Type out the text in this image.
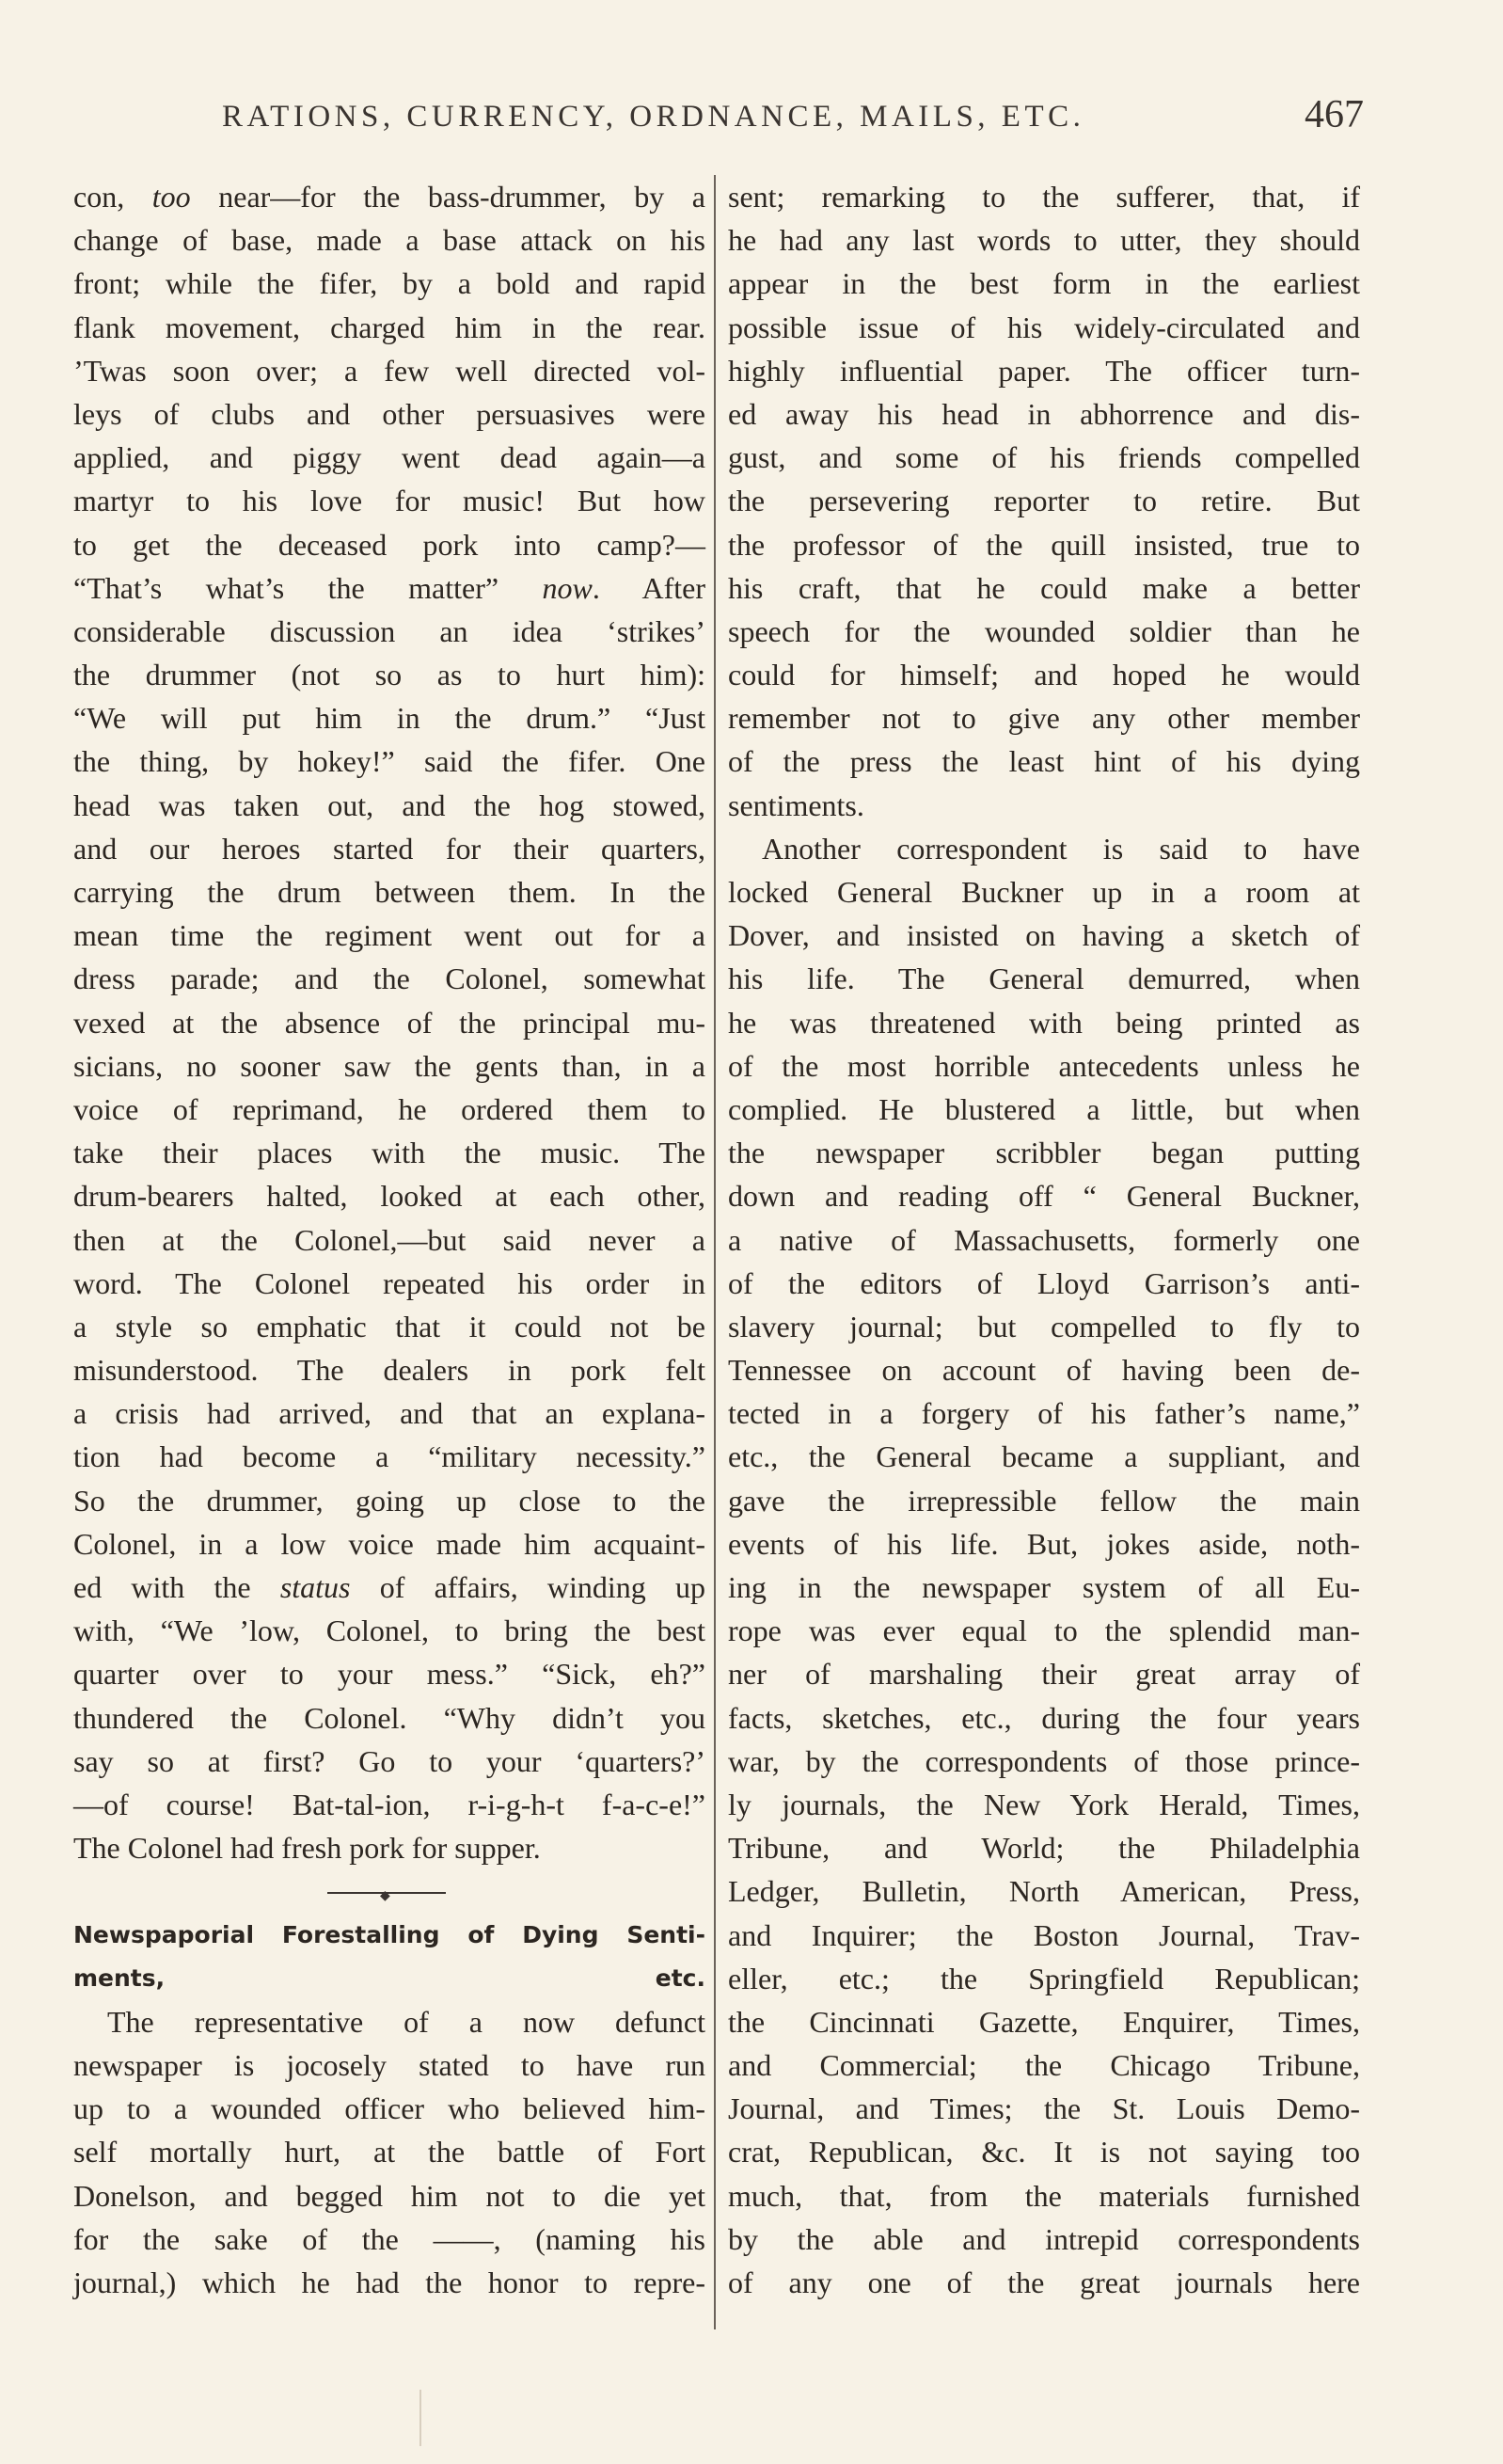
RATIONS, CURRENCY, ORDNANCE, MAILS, ETC.	467
con, too near—for the bass-drummer, by a
change of base, made a base attack on his
front; while the fifer, by a bold and rapid
flank movement, charged him in the rear.
’Twas soon over; a few well directed vol-
leys of clubs and other persuasives were
applied, and piggy went dead again—a
martyr to his love for music! But how
to get the deceased pork into camp?—
“That’s what’s the matter” now. After
considerable discussion an idea ‘strikes’
the drummer (not so as to hurt him):
“We will put him in the drum.” “Just
the thing, by hokey!” said the fifer. One
head was taken out, and the hog stowed,
and our heroes started for their quarters,
carrying the drum between them. In the
mean time the regiment went out for a
dress parade; and the Colonel, somewhat
vexed at the absence of the principal mu-
sicians, no sooner saw the gents than, in a
voice of reprimand, he ordered them to
take their places with the music. The
drum-bearers halted, looked at each other,
then at the Colonel,—but said never a
word. The Colonel repeated his order in
a style so emphatic that it could not be
misunderstood. The dealers in pork felt
a crisis had arrived, and that an explana-
tion had become a “military necessity.”
So the drummer, going up close to the
Colonel, in a low voice made him acquaint-
ed with the status of affairs, winding up
with, “We ’low, Colonel, to bring the best
quarter over to your mess.” “Sick, eh?”
thundered the Colonel. “Why didn’t you
say so at first? Go to your ‘quarters?’
—of course! Bat-tal-ion, r-i-g-h-t f-a-c-e!”
The Colonel had fresh pork for supper.
◆
Newspaporial Forestalling of Dying Senti-
ments, etc.
The representative of a now defunct
newspaper is jocosely stated to have run
up to a wounded officer who believed him-
self mortally hurt, at the battle of Fort
Donelson, and begged him not to die yet
for the sake of the ——, (naming his
journal,) which he had the honor to repre-
sent; remarking to the sufferer, that, if
he had any last words to utter, they should
appear in the best form in the earliest
possible issue of his widely-circulated and
highly influential paper. The officer turn-
ed away his head in abhorrence and dis-
gust, and some of his friends compelled
the persevering reporter to retire. But
the professor of the quill insisted, true to
his craft, that he could make a better
speech for the wounded soldier than he
could for himself; and hoped he would
remember not to give any other member
of the press the least hint of his dying
sentiments.
Another correspondent is said to have
locked General Buckner up in a room at
Dover, and insisted on having a sketch of
his life. The General demurred, when
he was threatened with being printed as
of the most horrible antecedents unless he
complied. He blustered a little, but when
the newspaper scribbler began putting
down and reading off “ General Buckner,
a native of Massachusetts, formerly one
of the editors of Lloyd Garrison’s anti-
slavery journal; but compelled to fly to
Tennessee on account of having been de-
tected in a forgery of his father’s name,”
etc., the General became a suppliant, and
gave the irrepressible fellow the main
events of his life. But, jokes aside, noth-
ing in the newspaper system of all Eu-
rope was ever equal to the splendid man-
ner of marshaling their great array of
facts, sketches, etc., during the four years
war, by the correspondents of those prince-
ly journals, the New York Herald, Times,
Tribune, and World; the Philadelphia
Ledger, Bulletin, North American, Press,
and Inquirer; the Boston Journal, Trav-
eller, etc.; the Springfield Republican;
the Cincinnati Gazette, Enquirer, Times,
and Commercial; the Chicago Tribune,
Journal, and Times; the St. Louis Demo-
crat, Republican, &c. It is not saying too
much, that, from the materials furnished
by the able and intrepid correspondents
of any one of the great journals here
